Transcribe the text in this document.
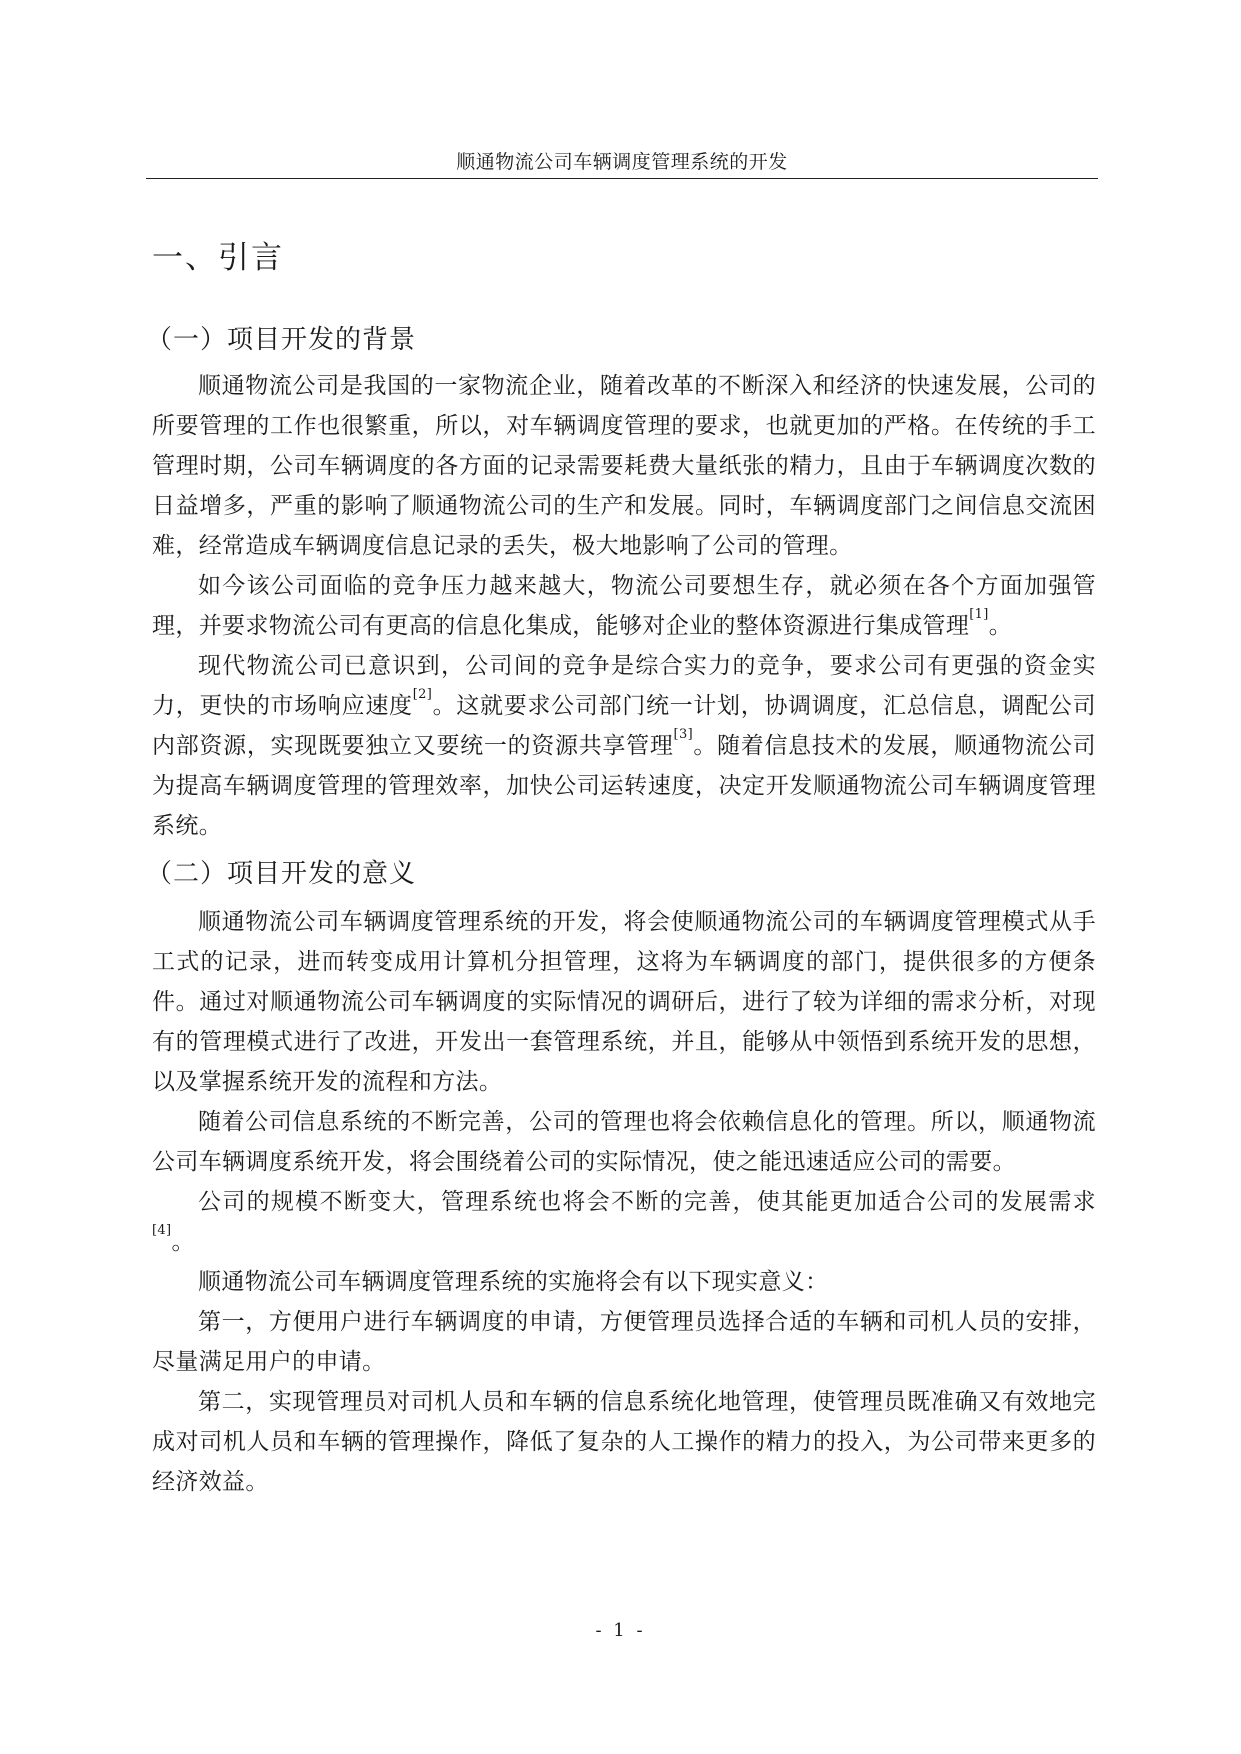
顺通物流公司车辆调度管理系统的开发
一、引言
（一）项目开发的背景

顺通物流公司是我国的一家物流企业，随着改革的不断深入和经济的快速发展，公司的所要管理的工作也很繁重，所以，对车辆调度管理的要求，也就更加的严格。在传统的手工管理时期，公司车辆调度的各方面的记录需要耗费大量纸张的精力，且由于车辆调度次数的日益增多，严重的影响了顺通物流公司的生产和发展。同时，车辆调度部门之间信息交流困难，经常造成车辆调度信息记录的丢失，极大地影响了公司的管理。

如今该公司面临的竞争压力越来越大，物流公司要想生存，就必须在各个方面加强管理，并要求物流公司有更高的信息化集成，能够对企业的整体资源进行集成管理[1]。

现代物流公司已意识到，公司间的竞争是综合实力的竞争，要求公司有更强的资金实力，更快的市场响应速度[2]。这就要求公司部门统一计划，协调调度，汇总信息，调配公司内部资源，实现既要独立又要统一的资源共享管理[3]。随着信息技术的发展，顺通物流公司为提高车辆调度管理的管理效率，加快公司运转速度，决定开发顺通物流公司车辆调度管理系统。

（二）项目开发的意义

顺通物流公司车辆调度管理系统的开发，将会使顺通物流公司的车辆调度管理模式从手工式的记录，进而转变成用计算机分担管理，这将为车辆调度的部门，提供很多的方便条件。通过对顺通物流公司车辆调度的实际情况的调研后，进行了较为详细的需求分析，对现有的管理模式进行了改进，开发出一套管理系统，并且，能够从中领悟到系统开发的思想，以及掌握系统开发的流程和方法。

随着公司信息系统的不断完善，公司的管理也将会依赖信息化的管理。所以，顺通物流公司车辆调度系统开发，将会围绕着公司的实际情况，使之能迅速适应公司的需要。

公司的规模不断变大，管理系统也将会不断的完善，使其能更加适合公司的发展需求[4]。

顺通物流公司车辆调度管理系统的实施将会有以下现实意义：

第一，方便用户进行车辆调度的申请，方便管理员选择合适的车辆和司机人员的安排，尽量满足用户的申请。

第二，实现管理员对司机人员和车辆的信息系统化地管理，使管理员既准确又有效地完成对司机人员和车辆的管理操作，降低了复杂的人工操作的精力的投入，为公司带来更多的经济效益。

- 1 -
